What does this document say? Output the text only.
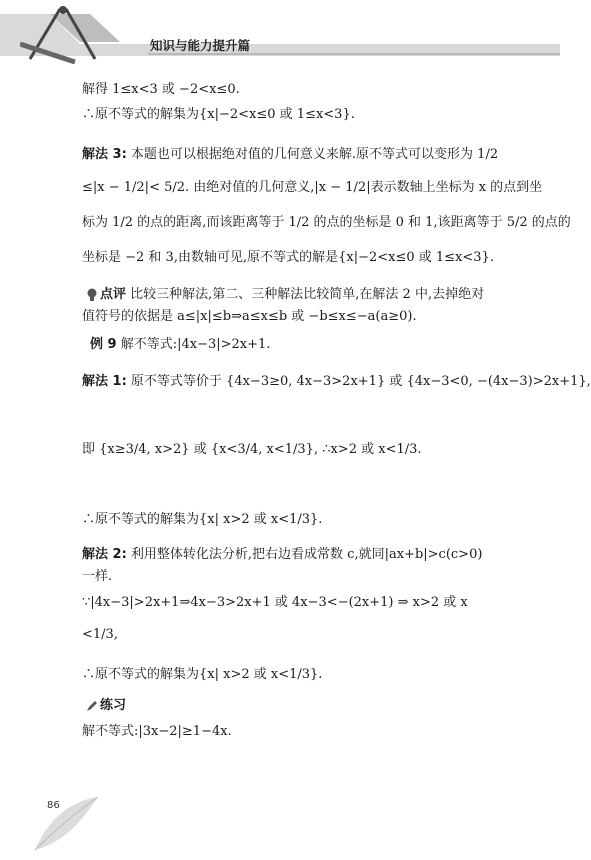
知识与能力提升篇
解得 1≤x<3 或 −2<x≤0.
∴原不等式的解集为{x|−2<x≤0 或 1≤x<3}.
解法 3: 本题也可以根据绝对值的几何意义来解.原不等式可以变形为 1/2
≤|x − 1/2|< 5/2. 由绝对值的几何意义,|x − 1/2|表示数轴上坐标为 x 的点到坐
标为 1/2 的点的距离,而该距离等于 1/2 的点的坐标是 0 和 1,该距离等于 5/2 的点的
坐标是 −2 和 3,由数轴可见,原不等式的解是{x|−2<x≤0 或 1≤x<3}.
点评 比较三种解法,第二、三种解法比较简单,在解法 2 中,去掉绝对
值符号的依据是 a≤|x|≤b⇒a≤x≤b 或 −b≤x≤−a(a≥0).
例 9 解不等式:|4x−3|>2x+1.
解法 1: 原不等式等价于 {4x−3≥0, 4x−3>2x+1} 或 {4x−3<0, −(4x−3)>2x+1},
即 {x≥3/4, x>2} 或 {x<3/4, x<1/3}, ∴x>2 或 x<1/3.
∴原不等式的解集为{x| x>2 或 x<1/3}.
解法 2: 利用整体转化法分析,把右边看成常数 c,就同|ax+b|>c(c>0)
一样.
∵|4x−3|>2x+1⇒4x−3>2x+1 或 4x−3<−(2x+1) ⇒ x>2 或 x
<1/3,
∴原不等式的解集为{x| x>2 或 x<1/3}.
练习
解不等式:|3x−2|≥1−4x.
86
